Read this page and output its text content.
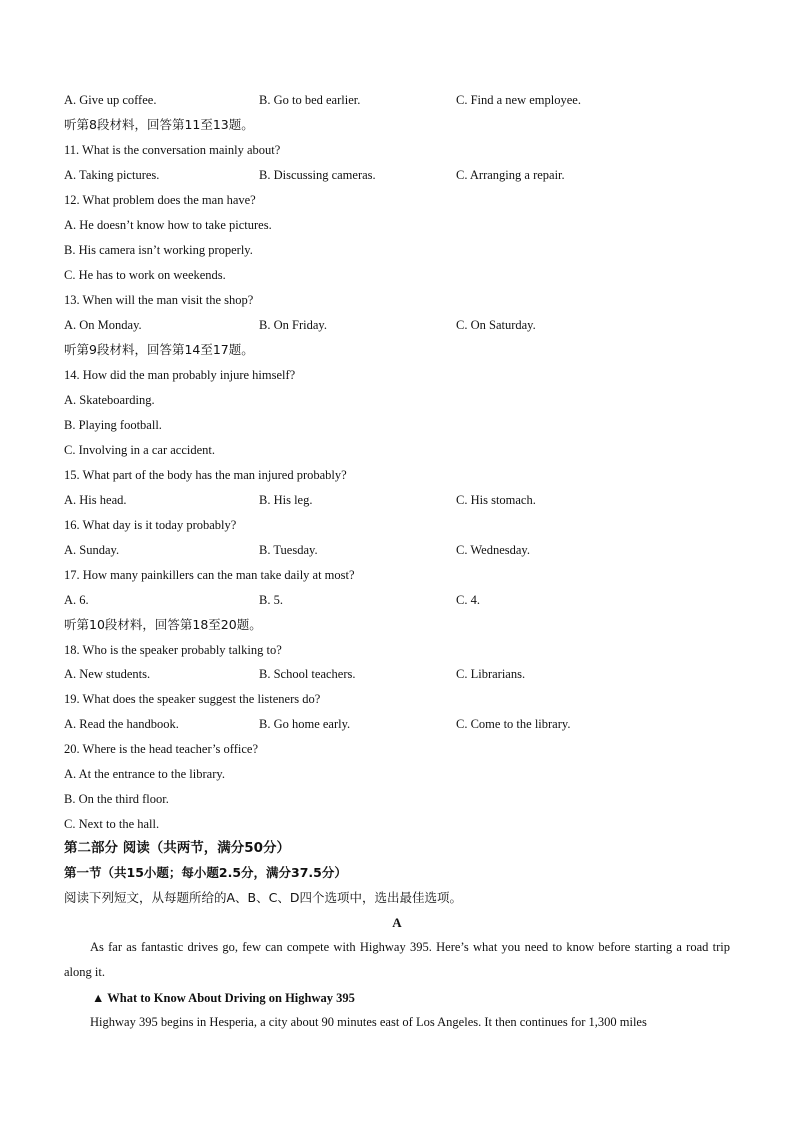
A. Give up coffee.	B. Go to bed earlier.	C. Find a new employee.
听第8段材料，回答第11至13题。
11. What is the conversation mainly about?
A. Taking pictures.	B. Discussing cameras.	C. Arranging a repair.
12. What problem does the man have?
A. He doesn’t know how to take pictures.
B. His camera isn’t working properly.
C. He has to work on weekends.
13. When will the man visit the shop?
A. On Monday.	B. On Friday.	C. On Saturday.
听第9段材料，回答第14至17题。
14. How did the man probably injure himself?
A. Skateboarding.
B. Playing football.
C. Involving in a car accident.
15. What part of the body has the man injured probably?
A. His head.	B. His leg.	C. His stomach.
16. What day is it today probably?
A. Sunday.	B. Tuesday.	C. Wednesday.
17. How many painkillers can the man take daily at most?
A. 6.	B. 5.	C. 4.
听第10段材料，回答第18至20题。
18. Who is the speaker probably talking to?
A. New students.	B. School teachers.	C. Librarians.
19. What does the speaker suggest the listeners do?
A. Read the handbook.	B. Go home early.	C. Come to the library.
20. Where is the head teacher’s office?
A. At the entrance to the library.
B. On the third floor.
C. Next to the hall.
第二部分 阅读（共两节，满分50分）
第一节（共15小题；每小题2.5分，满分37.5分）
阅读下列短文，从每题所给的A、B、C、D四个选项中，选出最佳选项。
A
As far as fantastic drives go, few can compete with Highway 395. Here’s what you need to know before starting a road trip along it.
▲ What to Know About Driving on Highway 395
Highway 395 begins in Hesperia, a city about 90 minutes east of Los Angeles. It then continues for 1,300 miles
